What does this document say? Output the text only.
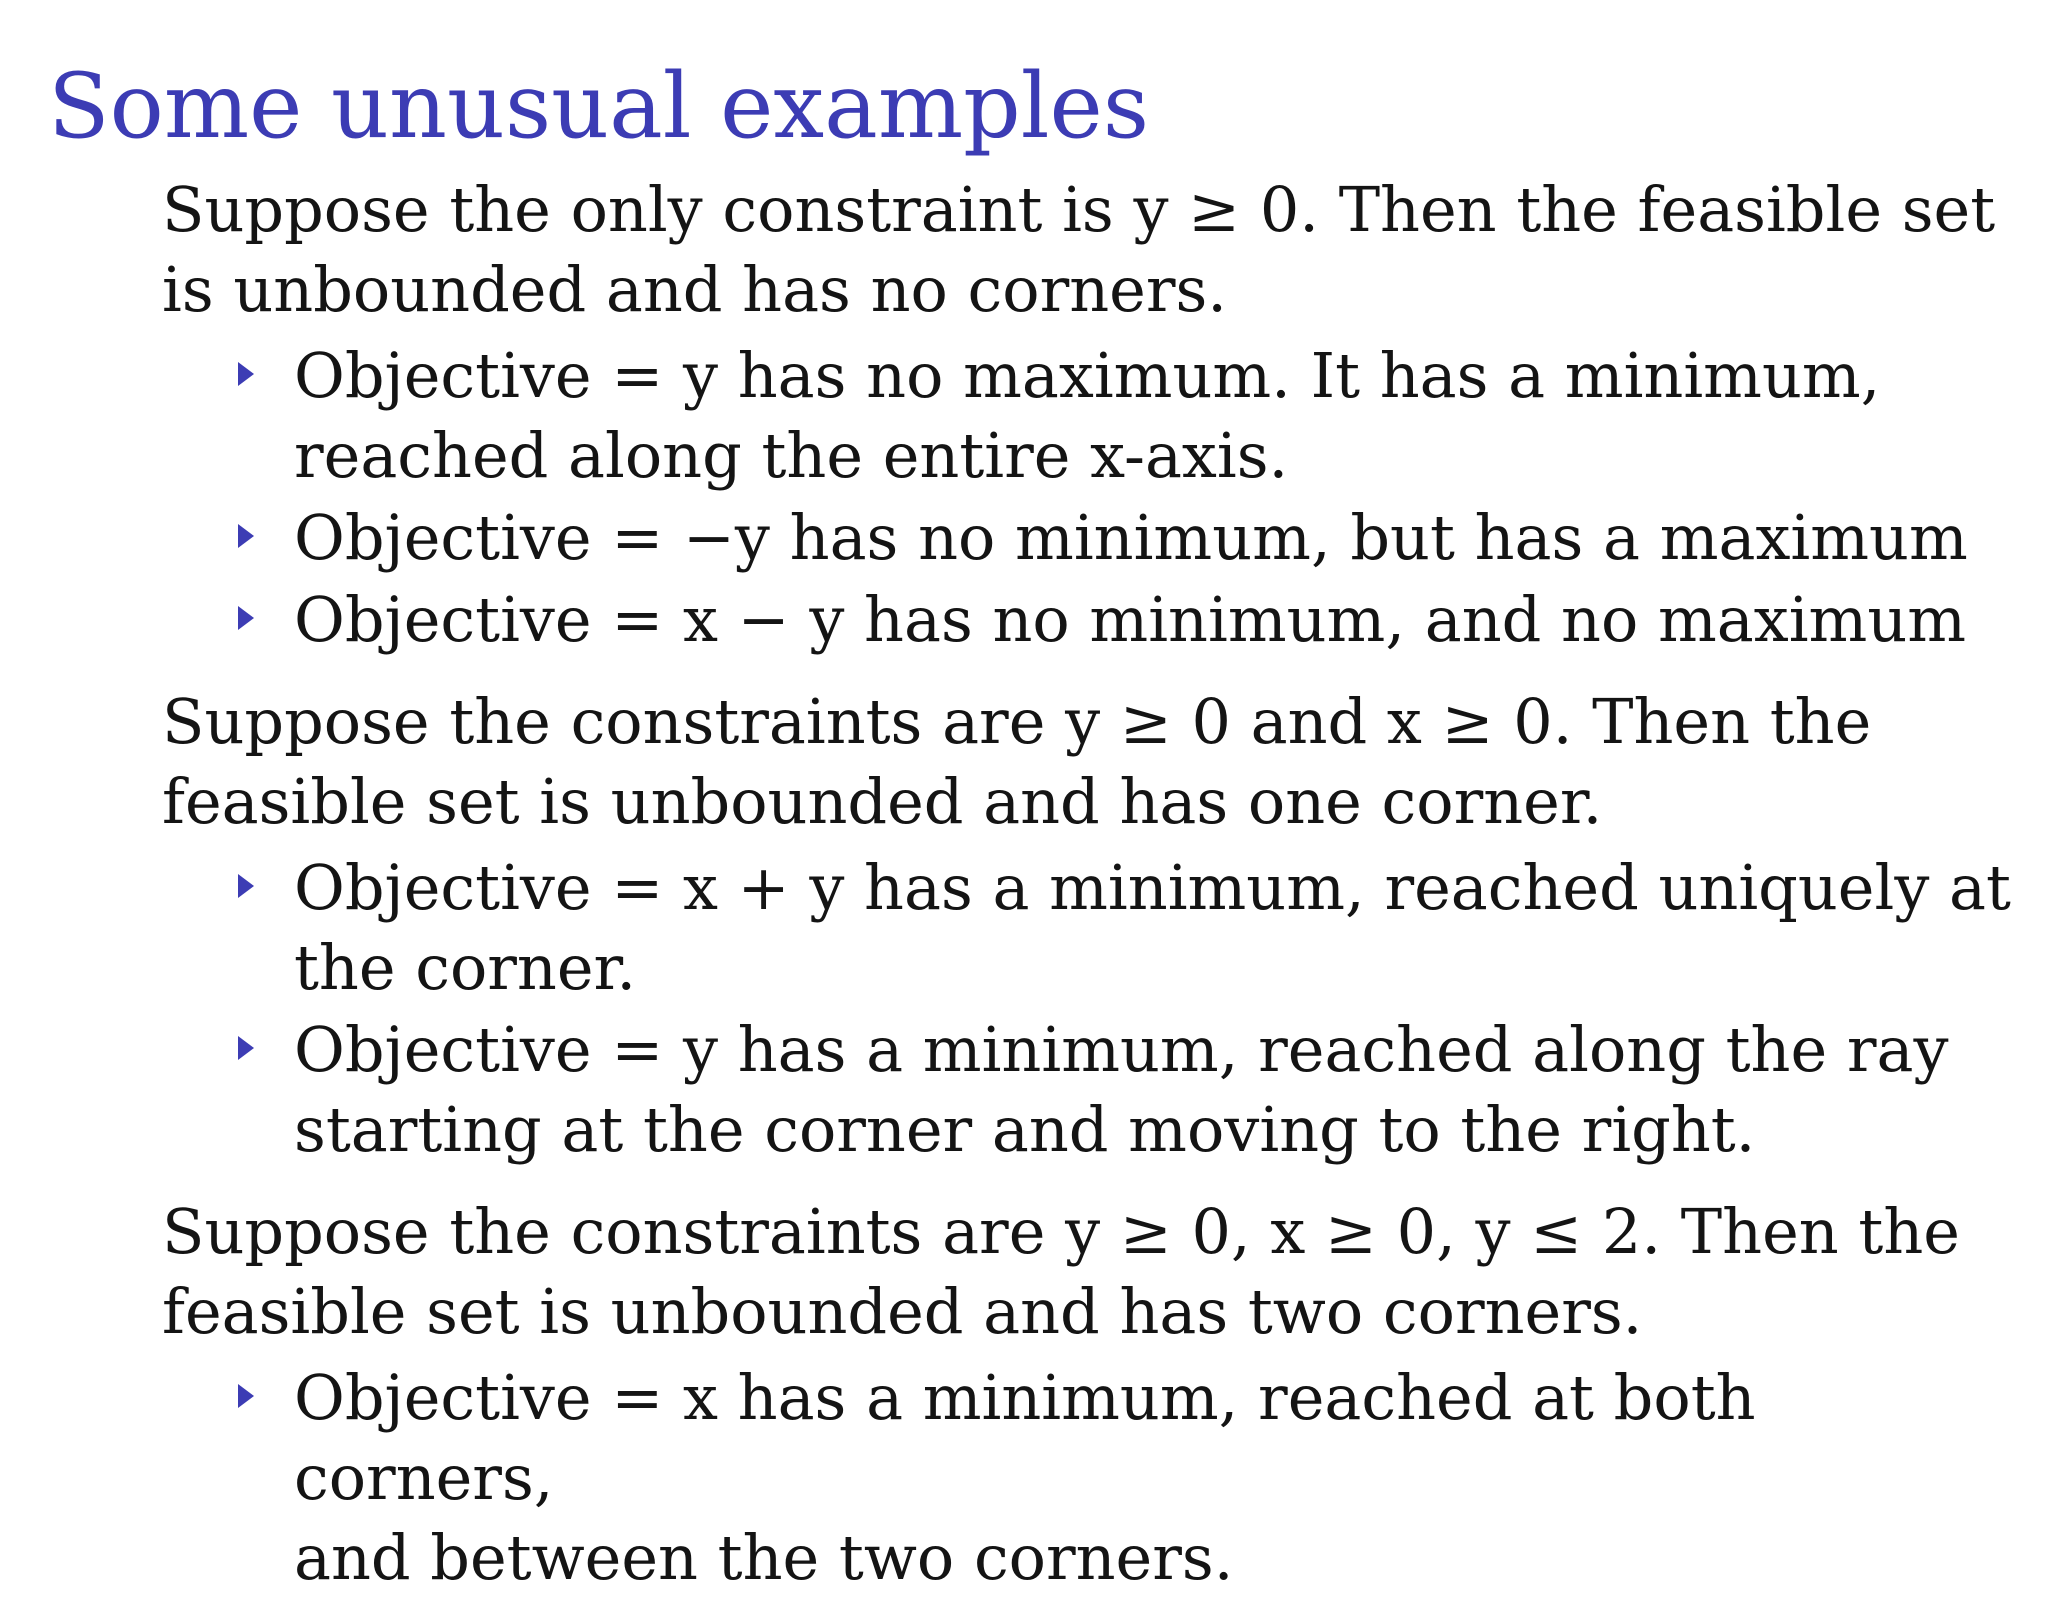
Some unusual examples

Suppose the only constraint is y ≥ 0. Then the feasible set
is unbounded and has no corners.

Objective = y has no maximum. It has a minimum,
reached along the entire x-axis.
Objective = −y has no minimum, but has a maximum
Objective = x − y has no minimum, and no maximum

Suppose the constraints are y ≥ 0 and x ≥ 0. Then the
feasible set is unbounded and has one corner.

Objective = x + y has a minimum, reached uniquely at
the corner.
Objective = y has a minimum, reached along the ray
starting at the corner and moving to the right.

Suppose the constraints are y ≥ 0, x ≥ 0, y ≤ 2. Then the
feasible set is unbounded and has two corners.

Objective = x has a minimum, reached at both corners,
and between the two corners.
